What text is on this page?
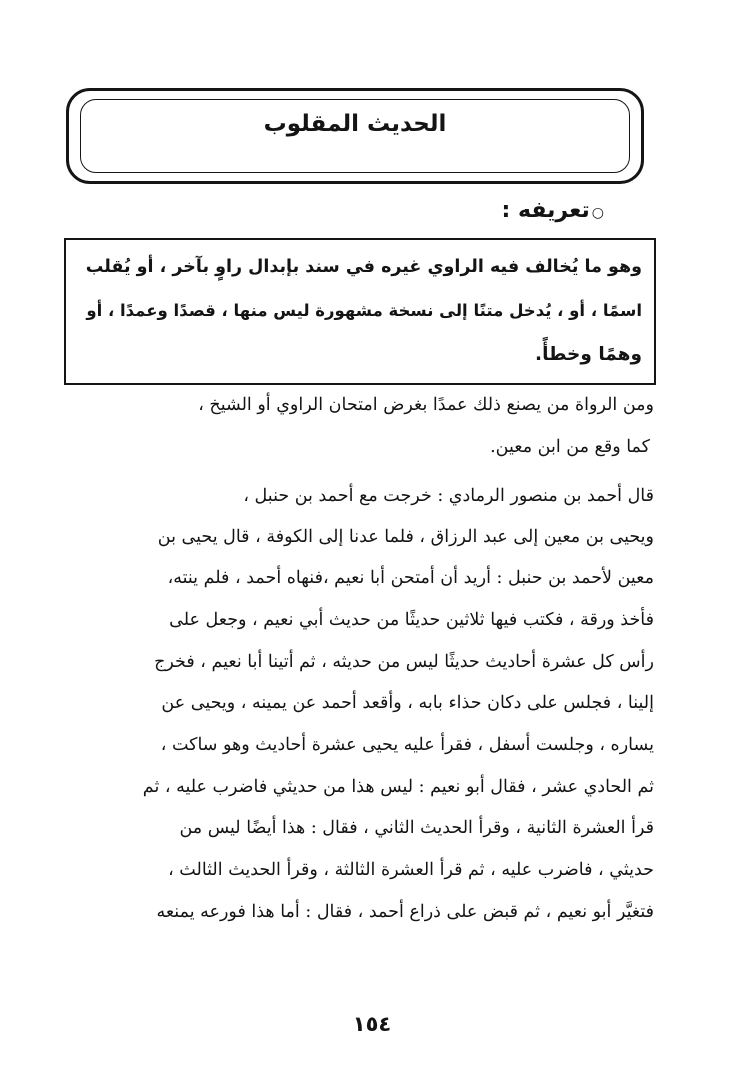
الحديث المقلوب
○تعريفه :
وهو ما يُخالف فيه الراوي غيره في سند بإبدال راوٍ بآخر ، أو يُقلب
اسمًا ، أو ، يُدخل متنًا إلى نسخة مشهورة ليس منها ، قصدًا وعمدًا ، أو
وهمًا وخطأً.
ومن الرواة من يصنع ذلك عمدًا بغرض امتحان الراوي أو الشيخ ،
كما وقع من ابن معين.
قال أحمد بن منصور الرمادي : خرجت مع أحمد بن حنبل ،
ويحيى بن معين إلى عبد الرزاق ، فلما عدنا إلى الكوفة ، قال يحيى بن
معين لأحمد بن حنبل : أريد أن أمتحن أبا نعيم ،فنهاه أحمد ، فلم ينته،
فأخذ ورقة ، فكتب فيها ثلاثين حديثًا من حديث أبي نعيم ، وجعل على
رأس كل عشرة أحاديث حديثًا ليس من حديثه ، ثم أتينا أبا نعيم ، فخرج
إلينا ، فجلس على دكان حذاء بابه ، وأقعد أحمد عن يمينه ، ويحيى عن
يساره ، وجلست أسفل ، فقرأ عليه يحيى عشرة أحاديث وهو ساكت ،
ثم الحادي عشر ، فقال أبو نعيم : ليس هذا من حديثي فاضرب عليه ، ثم
قرأ العشرة الثانية ، وقرأ الحديث الثاني ، فقال : هذا أيضًا ليس من
حديثي ، فاضرب عليه ، ثم قرأ العشرة الثالثة ، وقرأ الحديث الثالث ،
فتغيَّر أبو نعيم ، ثم قبض على ذراع أحمد ، فقال : أما هذا فورعه يمنعه
١٥٤
